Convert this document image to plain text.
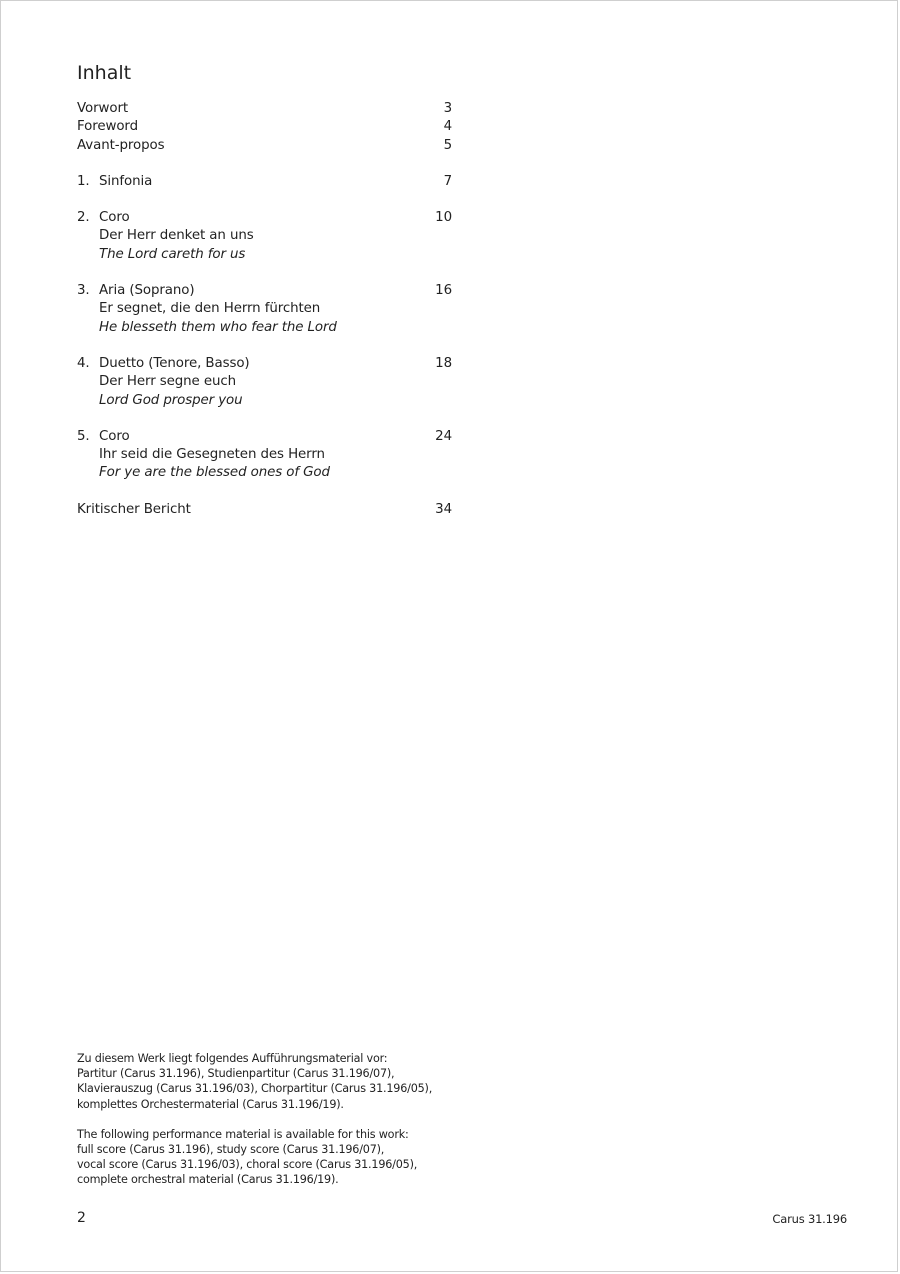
Inhalt
Vorwort	3
Foreword	4
Avant-propos	5
1. Sinfonia	7
2. Coro	10
Der Herr denket an uns
The Lord careth for us
3. Aria (Soprano)	16
Er segnet, die den Herrn fürchten
He blesseth them who fear the Lord
4. Duetto (Tenore, Basso)	18
Der Herr segne euch
Lord God prosper you
5. Coro	24
Ihr seid die Gesegneten des Herrn
For ye are the blessed ones of God
Kritischer Bericht	34

Zu diesem Werk liegt folgendes Aufführungsmaterial vor:

Partitur (Carus 31.196), Studienpartitur (Carus 31.196/07),

Klavierauszug (Carus 31.196/03), Chorpartitur (Carus 31.196/05),

komplettes Orchestermaterial (Carus 31.196/19).

The following performance material is available for this work:

full score (Carus 31.196), study score (Carus 31.196/07),

vocal score (Carus 31.196/03), choral score (Carus 31.196/05),

complete orchestral material (Carus 31.196/19).

2	Carus 31.196
